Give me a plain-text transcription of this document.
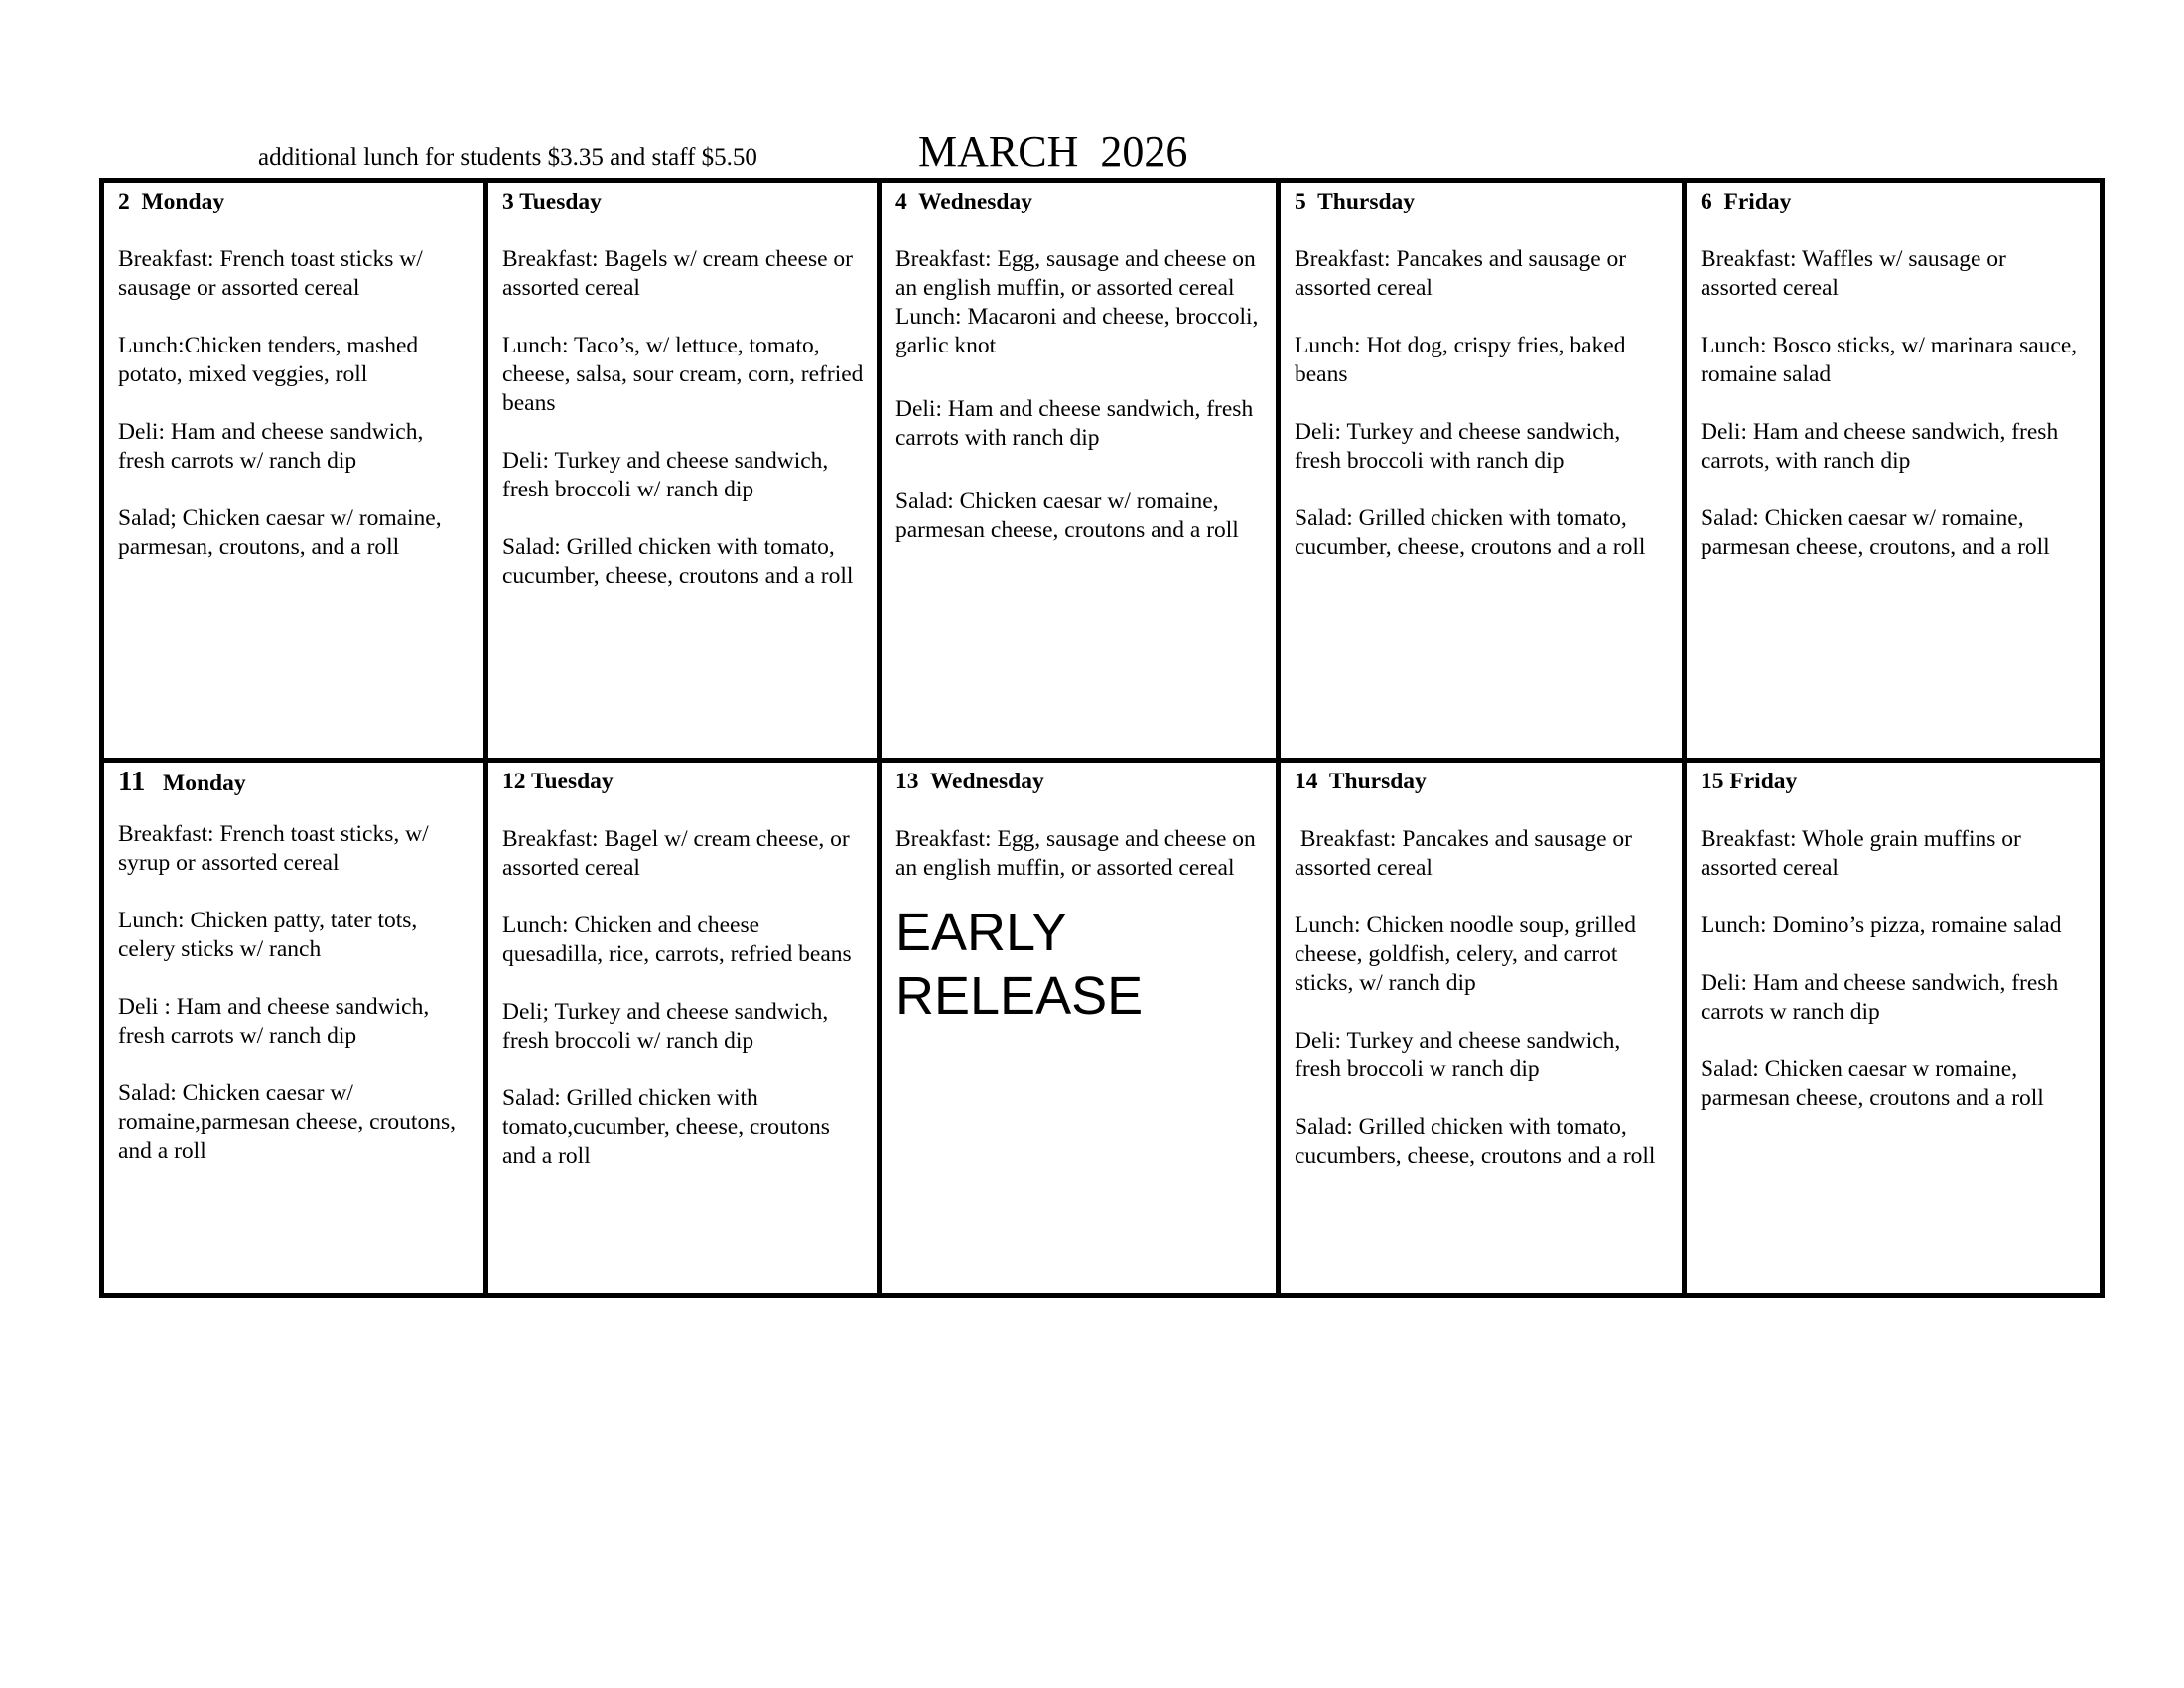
additional lunch for students $3.35 and staff $5.50	MARCH  2026
2 Monday

Breakfast: French toast sticks w/ sausage or assorted cereal

Lunch:Chicken tenders, mashed potato, mixed veggies, roll

Deli: Ham and cheese sandwich, fresh carrots w/ ranch dip

Salad; Chicken caesar w/ romaine, parmesan, croutons, and a roll

3 Tuesday

Breakfast: Bagels w/ cream cheese or assorted cereal

Lunch: Taco’s, w/ lettuce, tomato, cheese, salsa, sour cream, corn, refried beans

Deli: Turkey and cheese sandwich, fresh broccoli w/ ranch dip

Salad: Grilled chicken with tomato, cucumber, cheese, croutons and a roll

4 Wednesday

Breakfast: Egg, sausage and cheese on an english muffin, or assorted cereal

Lunch: Macaroni and cheese, broccoli, garlic knot

Deli: Ham and cheese sandwich, fresh carrots with ranch dip

Salad: Chicken caesar w/ romaine, parmesan cheese, croutons and a roll

5 Thursday

Breakfast: Pancakes and sausage or assorted cereal

Lunch: Hot dog, crispy fries, baked beans

Deli: Turkey and cheese sandwich, fresh broccoli with ranch dip

Salad: Grilled chicken with tomato, cucumber, cheese, croutons and a roll

6 Friday

Breakfast: Waffles w/ sausage or assorted cereal

Lunch: Bosco sticks, w/ marinara sauce, romaine salad

Deli: Ham and cheese sandwich, fresh carrots, with ranch dip

Salad: Chicken caesar w/ romaine, parmesan cheese, croutons, and a roll

11 Monday

Breakfast: French toast sticks, w/ syrup or assorted cereal

Lunch: Chicken patty, tater tots, celery sticks w/ ranch

Deli : Ham and cheese sandwich, fresh carrots w/ ranch dip

Salad: Chicken caesar w/ romaine,parmesan cheese, croutons, and a roll

12 Tuesday

Breakfast: Bagel w/ cream cheese, or assorted cereal

Lunch: Chicken and cheese quesadilla, rice, carrots, refried beans

Deli; Turkey and cheese sandwich, fresh broccoli w/ ranch dip

Salad: Grilled chicken with tomato,cucumber, cheese, croutons and a roll

13 Wednesday

Breakfast: Egg, sausage and cheese on an english muffin, or assorted cereal

EARLY
RELEASE
14 Thursday

Breakfast: Pancakes and sausage or assorted cereal

Lunch: Chicken noodle soup, grilled cheese, goldfish, celery, and carrot sticks, w/ ranch dip

Deli: Turkey and cheese sandwich, fresh broccoli w ranch dip

Salad: Grilled chicken with tomato, cucumbers, cheese, croutons and a roll

15 Friday

Breakfast: Whole grain muffins or assorted cereal

Lunch: Domino’s pizza, romaine salad

Deli: Ham and cheese sandwich, fresh carrots w ranch dip

Salad: Chicken caesar w romaine, parmesan cheese, croutons and a roll
